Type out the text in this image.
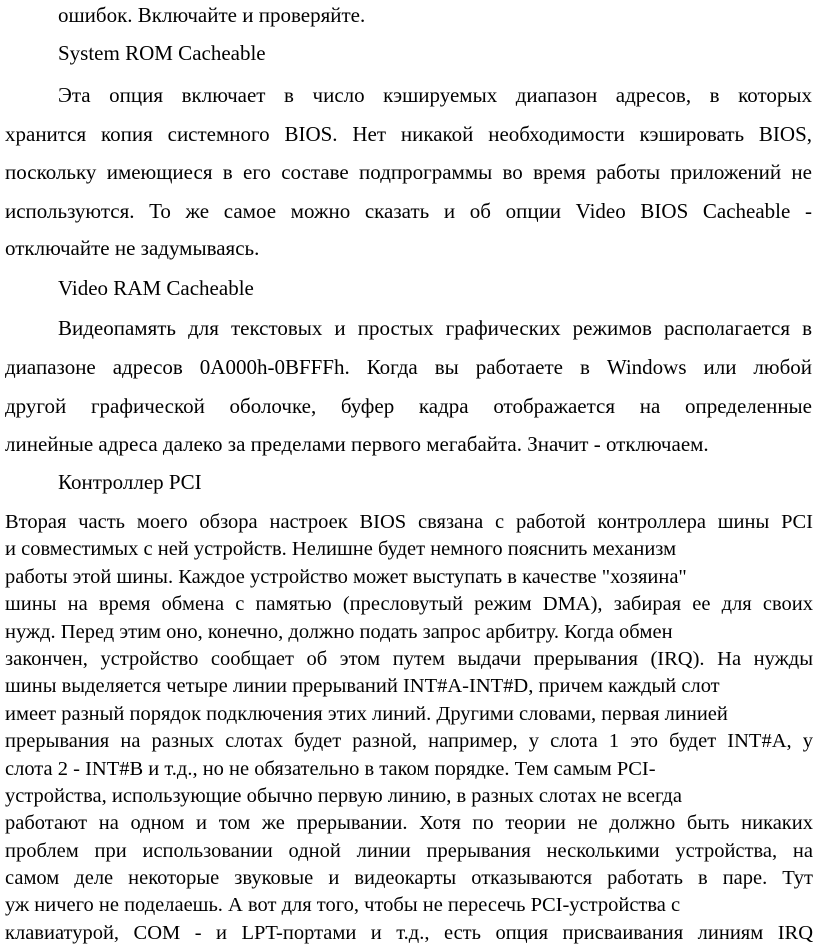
ошибок. Включайте и проверяйте.
System ROM Cacheable
Эта опция включает в число кэшируемых диапазон адресов, в которых
хранится копия системного BIOS. Нет никакой необходимости кэшировать BIOS,
поскольку имеющиеся в его составе подпрограммы во время работы приложений не
используются. То же самое можно сказать и об опции Video BIOS Cacheable -
отключайте не задумываясь.
Video RAM Cacheable
Видеопамять для текстовых и простых графических режимов располагается в
диапазоне адресов 0A000h-0BFFFh. Когда вы работаете в Windows или любой
другой графической оболочке, буфер кадра отображается на определенные
линейные адреса далеко за пределами первого мегабайта. Значит - отключаем.
Контроллер PCI
Вторая часть моего обзора настроек BIOS связана с работой контроллера шины PCI
и совместимых с ней устройств. Нелишне будет немного пояснить механизм
работы этой шины. Каждое устройство может выступать в качестве "хозяина"
шины на время обмена с памятью (пресловутый режим DMA), забирая ее для своих
нужд. Перед этим оно, конечно, должно подать запрос арбитру. Когда обмен
закончен, устройство сообщает об этом путем выдачи прерывания (IRQ). На нужды
шины выделяется четыре линии прерываний INT#A-INT#D, причем каждый слот
имеет разный порядок подключения этих линий. Другими словами, первая линией
прерывания на разных слотах будет разной, например, у слота 1 это будет INT#A, у
слота 2 - INT#B и т.д., но не обязательно в таком порядке. Тем самым PCI-
устройства, использующие обычно первую линию, в разных слотах не всегда
работают на одном и том же прерывании. Хотя по теории не должно быть никаких
проблем при использовании одной линии прерывания несколькими устройства, на
самом деле некоторые звуковые и видеокарты отказываются работать в паре. Тут
уж ничего не поделаешь. А вот для того, чтобы не пересечь PCI-устройства с
клавиатурой, COM - и LPT-портами и т.д., есть опция присваивания линиям IRQ
